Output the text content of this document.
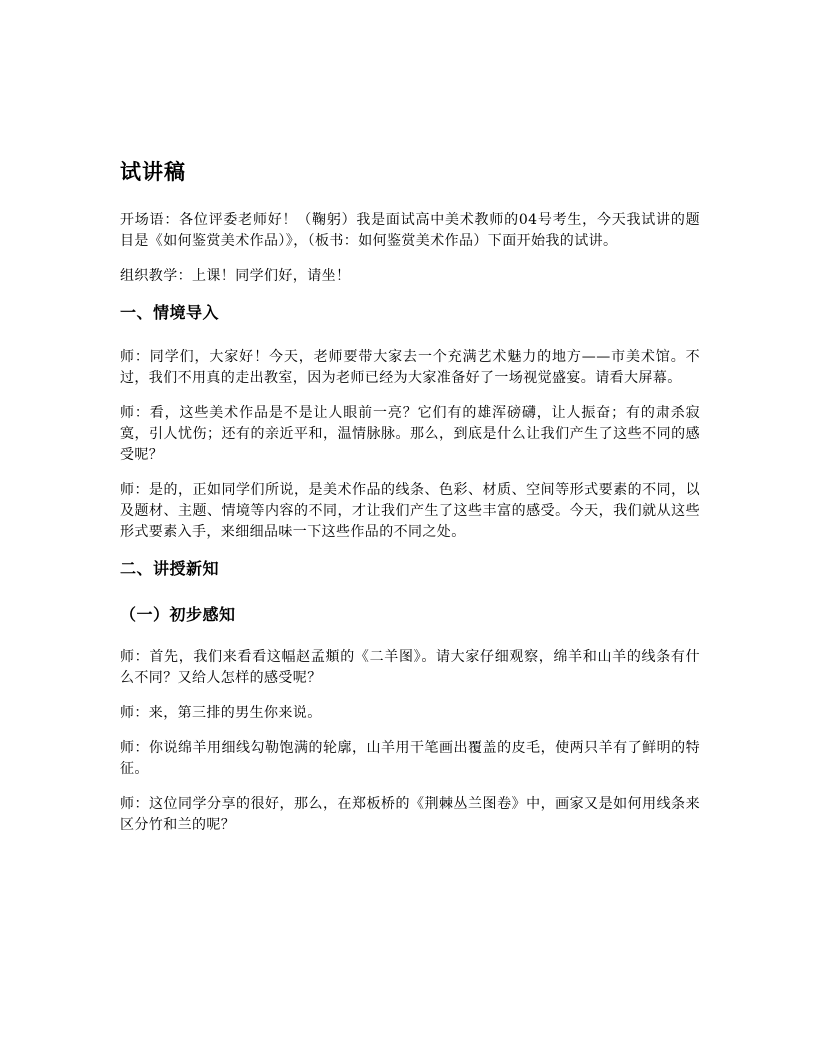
试讲稿

开场语：各位评委老师好！（鞠躬）我是面试高中美术教师的04号考生，今天我试讲的题目是《如何鉴赏美术作品）》，（板书：如何鉴赏美术作品）下面开始我的试讲。

组织教学：上课！同学们好，请坐！

一、情境导入

师：同学们，大家好！今天，老师要带大家去一个充满艺术魅力的地方——市美术馆。不过，我们不用真的走出教室，因为老师已经为大家准备好了一场视觉盛宴。请看大屏幕。

师：看，这些美术作品是不是让人眼前一亮？它们有的雄浑磅礴，让人振奋；有的肃杀寂寞，引人忧伤；还有的亲近平和，温情脉脉。那么，到底是什么让我们产生了这些不同的感受呢？

师：是的，正如同学们所说，是美术作品的线条、色彩、材质、空间等形式要素的不同，以及题材、主题、情境等内容的不同，才让我们产生了这些丰富的感受。今天，我们就从这些形式要素入手，来细细品味一下这些作品的不同之处。

二、讲授新知
（一）初步感知

师：首先，我们来看看这幅赵孟頫的《二羊图》。请大家仔细观察，绵羊和山羊的线条有什么不同？又给人怎样的感受呢？

师：来，第三排的男生你来说。

师：你说绵羊用细线勾勒饱满的轮廓，山羊用干笔画出覆盖的皮毛，使两只羊有了鲜明的特征。

师：这位同学分享的很好，那么，在郑板桥的《荆棘丛兰图卷》中，画家又是如何用线条来区分竹和兰的呢？
